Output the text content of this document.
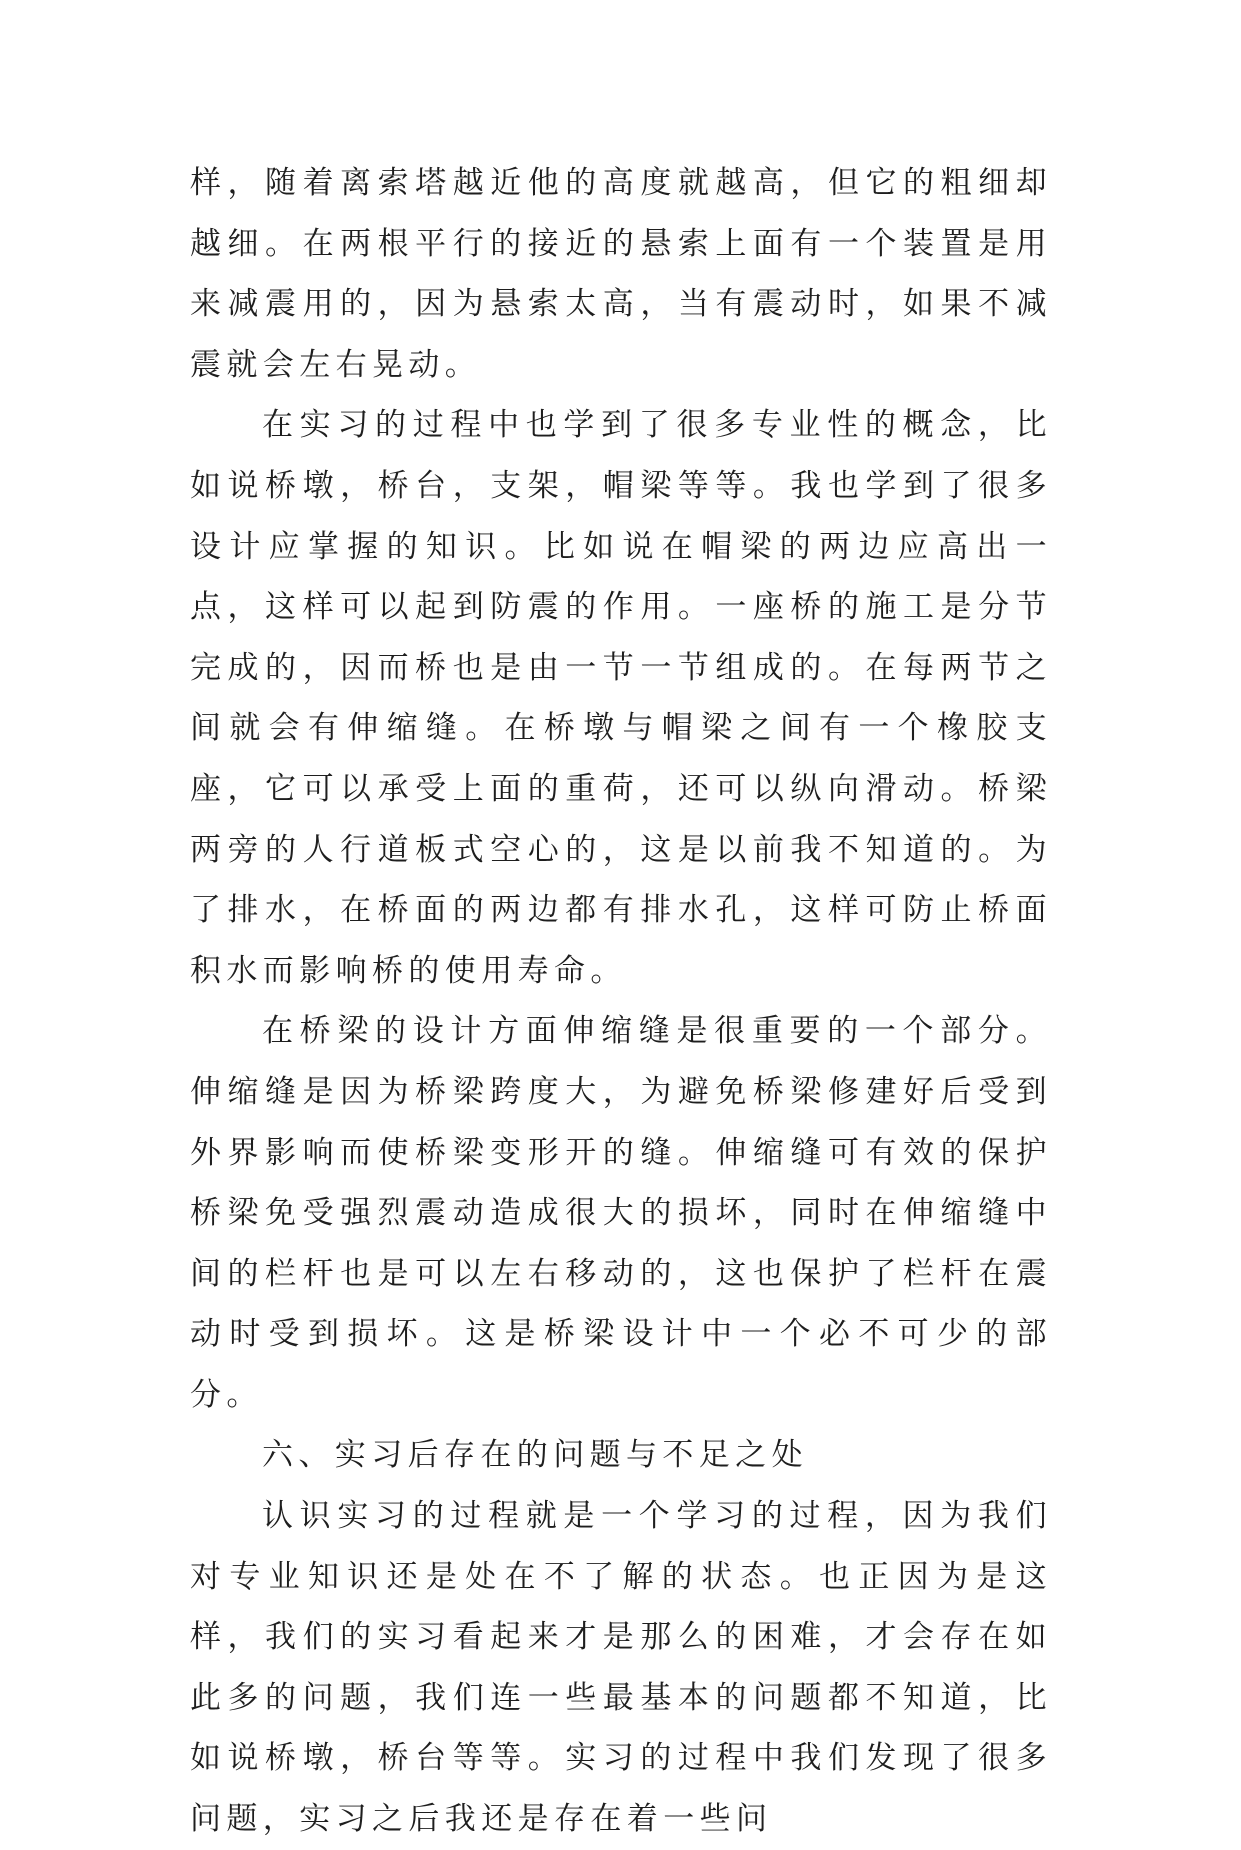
样，随着离索塔越近他的高度就越高，但它的粗细却越细。在两根平行的接近的悬索上面有一个装置是用来减震用的，因为悬索太高，当有震动时，如果不减震就会左右晃动。

在实习的过程中也学到了很多专业性的概念，比如说桥墩，桥台，支架，帽梁等等。我也学到了很多设计应掌握的知识。比如说在帽梁的两边应高出一点，这样可以起到防震的作用。一座桥的施工是分节完成的，因而桥也是由一节一节组成的。在每两节之间就会有伸缩缝。在桥墩与帽梁之间有一个橡胶支座，它可以承受上面的重荷，还可以纵向滑动。桥梁两旁的人行道板式空心的，这是以前我不知道的。为了排水，在桥面的两边都有排水孔，这样可防止桥面积水而影响桥的使用寿命。

在桥梁的设计方面伸缩缝是很重要的一个部分。伸缩缝是因为桥梁跨度大，为避免桥梁修建好后受到外界影响而使桥梁变形开的缝。伸缩缝可有效的保护桥梁免受强烈震动造成很大的损坏，同时在伸缩缝中间的栏杆也是可以左右移动的，这也保护了栏杆在震动时受到损坏。这是桥梁设计中一个必不可少的部分。

六、实习后存在的问题与不足之处

认识实习的过程就是一个学习的过程，因为我们对专业知识还是处在不了解的状态。也正因为是这样，我们的实习看起来才是那么的困难，才会存在如此多的问题，我们连一些最基本的问题都不知道，比如说桥墩，桥台等等。实习的过程中我们发现了很多问题，实习之后我还是存在着一些问
